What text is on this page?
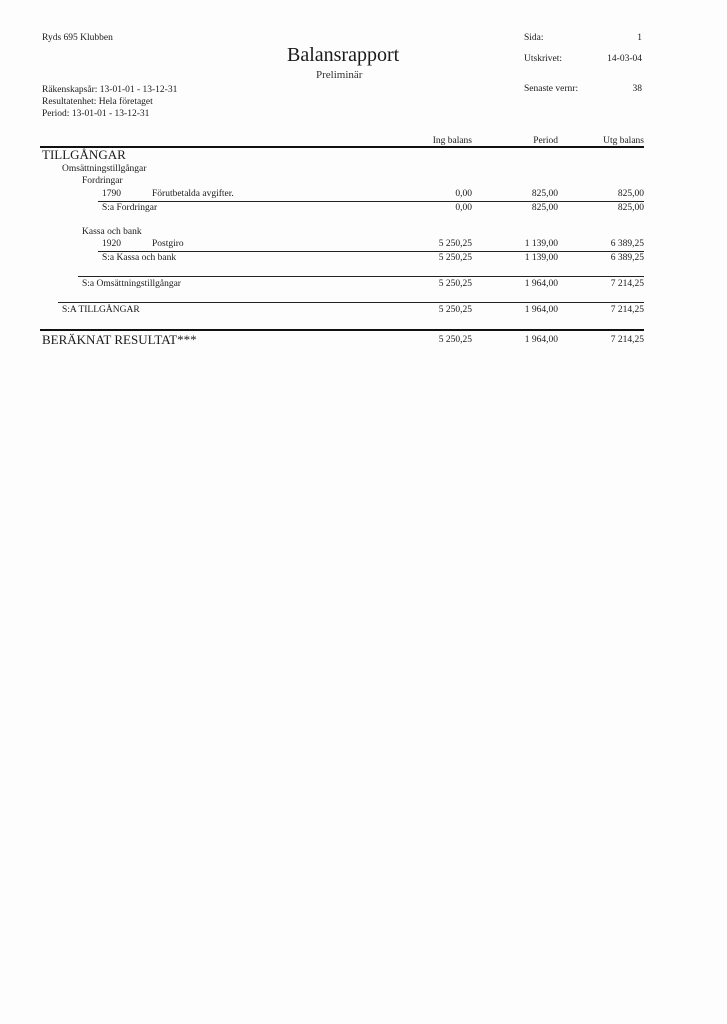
Ryds 695 Klubben
Balansrapport
Preliminär
Räkenskapsår: 13-01-01 - 13-12-31
Resultatenhet: Hela företaget
Period: 13-01-01 - 13-12-31
Sida:	1
Utskrivet:	14-03-04
Senaste vernr:	38
Ing balans	Period	Utg balans
TILLGÅNGAR
Omsättningstillgångar
Fordringar
1790	Förutbetalda avgifter.	0,00	825,00	825,00
S:a Fordringar	0,00	825,00	825,00
Kassa och bank
1920	Postgiro	5 250,25	1 139,00	6 389,25
S:a Kassa och bank	5 250,25	1 139,00	6 389,25
S:a Omsättningstillgångar	5 250,25	1 964,00	7 214,25
S:A TILLGÅNGAR	5 250,25	1 964,00	7 214,25
BERÄKNAT RESULTAT***	5 250,25	1 964,00	7 214,25
